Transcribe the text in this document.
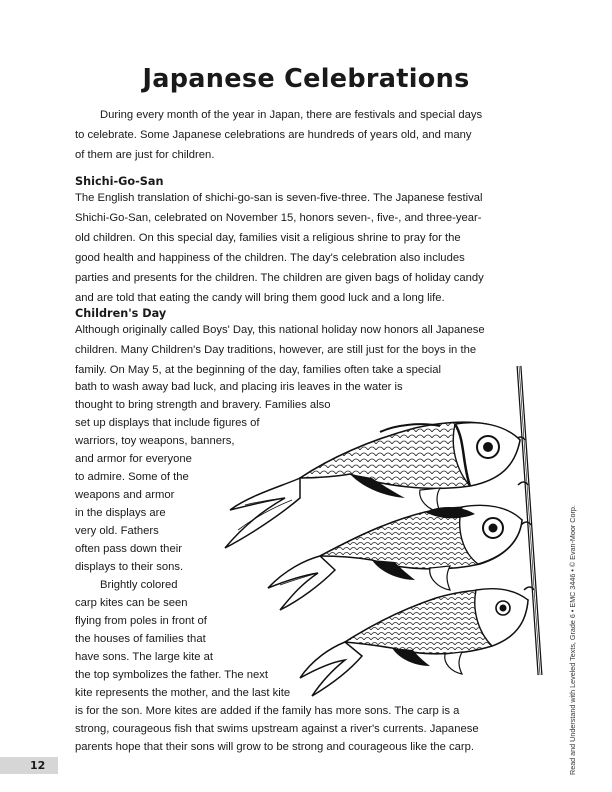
Japanese Celebrations
During every month of the year in Japan, there are festivals and special days
to celebrate. Some Japanese celebrations are hundreds of years old, and many
of them are just for children.
Shichi-Go-San
The English translation of shichi-go-san is seven-five-three. The Japanese festival
Shichi-Go-San, celebrated on November 15, honors seven-, five-, and three-year-
old children. On this special day, families visit a religious shrine to pray for the
good health and happiness of the children. The day's celebration also includes
parties and presents for the children. The children are given bags of holiday candy
and are told that eating the candy will bring them good luck and a long life.
Children's Day
Although originally called Boys' Day, this national holiday now honors all Japanese
children. Many Children's Day traditions, however, are still just for the boys in the
family. On May 5, at the beginning of the day, families often take a special
bath to wash away bad luck, and placing iris leaves in the water is
thought to bring strength and bravery. Families also
set up displays that include figures of
warriors, toy weapons, banners,
and armor for everyone
to admire. Some of the
weapons and armor
in the displays are
very old. Fathers
often pass down their
displays to their sons.
Brightly colored
carp kites can be seen
flying from poles in front of
the houses of families that
have sons. The large kite at
the top symbolizes the father. The next
kite represents the mother, and the last kite
is for the son. More kites are added if the family has more sons. The carp is a
strong, courageous fish that swims upstream against a river's currents. Japanese
parents hope that their sons will grow to be strong and courageous like the carp.	Read and Understand with Leveled Texts, Grade 6 • EMC 3446 • © Evan-Moor Corp.
12
